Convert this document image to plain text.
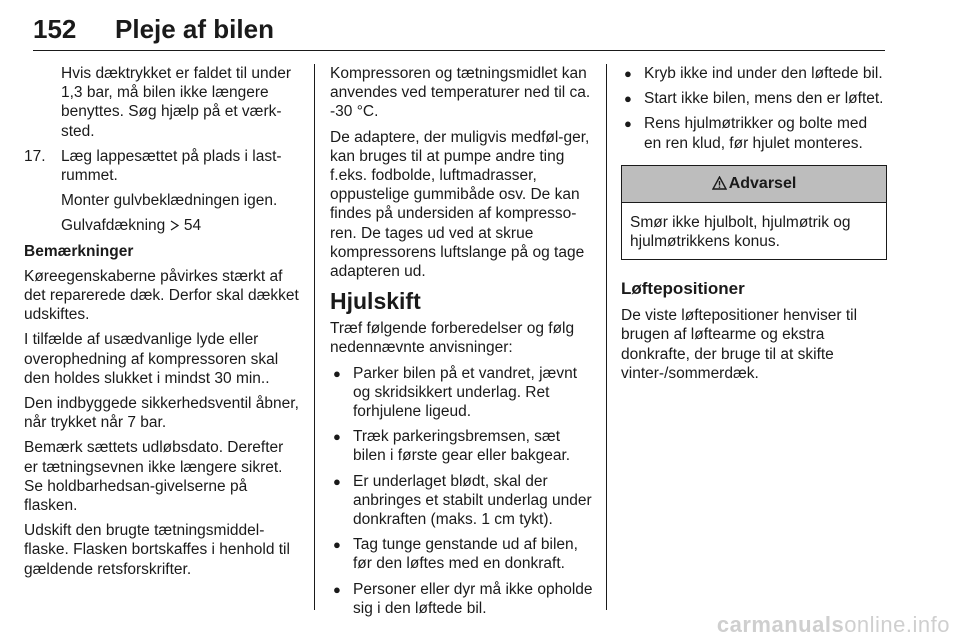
152 Pleje af bilen

Hvis dæktrykket er faldet til under 1,3 bar, må bilen ikke længere benyttes. Søg hjælp på et værk-sted.

17. Læg lappesættet på plads i last-rummet.

Monter gulvbeklædningen igen.

Gulvafdækning 54

Bemærkninger

Køreegenskaberne påvirkes stærkt af det reparerede dæk. Derfor skal dækket udskiftes.

I tilfælde af usædvanlige lyde eller overophedning af kompressoren skal den holdes slukket i mindst 30 min..

Den indbyggede sikkerhedsventil åbner, når trykket når 7 bar.

Bemærk sættets udløbsdato. Derefter er tætningsevnen ikke længere sikret. Se holdbarhedsan-givelserne på flasken.

Udskift den brugte tætningsmiddel-flaske. Flasken bortskaffes i henhold til gældende retsforskrifter.

Kompressoren og tætningsmidlet kan anvendes ved temperaturer ned til ca. -30 °C.

De adaptere, der muligvis medføl-ger, kan bruges til at pumpe andre ting f.eks. fodbolde, luftmadrasser, oppustelige gummibåde osv. De kan findes på undersiden af kompresso-ren. De tages ud ved at skrue kompressorens luftslange på og tage adapteren ud.

Hjulskift

Træf følgende forberedelser og følg nedennævnte anvisninger:

● Parker bilen på et vandret, jævnt og skridsikkert underlag. Ret forhjulene ligeud.
● Træk parkeringsbremsen, sæt bilen i første gear eller bakgear.
● Er underlaget blødt, skal der anbringes et stabilt underlag under donkraften (maks. 1 cm tykt).
● Tag tunge genstande ud af bilen, før den løftes med en donkraft.
● Personer eller dyr må ikke opholde sig i den løftede bil.
● Kryb ikke ind under den løftede bil.
● Start ikke bilen, mens den er løftet.
● Rens hjulmøtrikker og bolte med en ren klud, før hjulet monteres.
Advarsel
Smør ikke hjulbolt, hjulmøtrik og hjulmøtrikkens konus.
Løftepositioner

De viste løftepositioner henviser til brugen af løftearme og ekstra donkrafte, der bruge til at skifte vinter-/sommerdæk.

carmanualsonline.info
